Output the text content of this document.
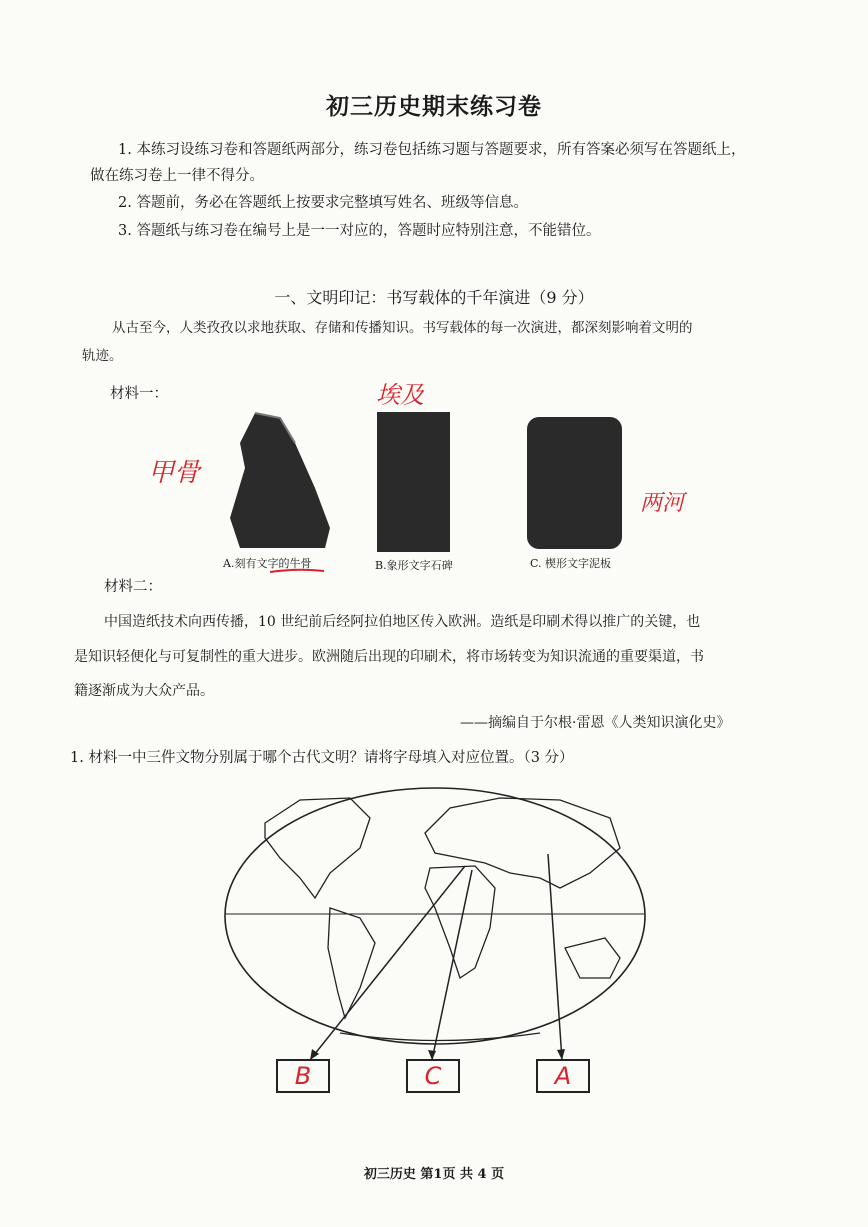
初三历史期末练习卷
1. 本练习设练习卷和答题纸两部分，练习卷包括练习题与答题要求，所有答案必须写在答题纸上，
做在练习卷上一律不得分。
2. 答题前，务必在答题纸上按要求完整填写姓名、班级等信息。
3. 答题纸与练习卷在编号上是一一对应的，答题时应特别注意，不能错位。
一、文明印记：书写载体的千年演进（9 分）
从古至今，人类孜孜以求地获取、存储和传播知识。书写载体的每一次演进，都深刻影响着文明的
轨迹。
材料一：
A.刻有文字的牛骨	B.象形文字石碑	C. 楔形文字泥板
甲骨
埃及
两河
材料二：
中国造纸技术向西传播，10 世纪前后经阿拉伯地区传入欧洲。造纸是印刷术得以推广的关键，也
是知识轻便化与可复制性的重大进步。欧洲随后出现的印刷术，将市场转变为知识流通的重要渠道，书
籍逐渐成为大众产品。
——摘编自于尔根·雷恩《人类知识演化史》
1. 材料一中三件文物分别属于哪个古代文明？请将字母填入对应位置。（3 分）
B	C	A
初三历史 第1页 共 4 页
